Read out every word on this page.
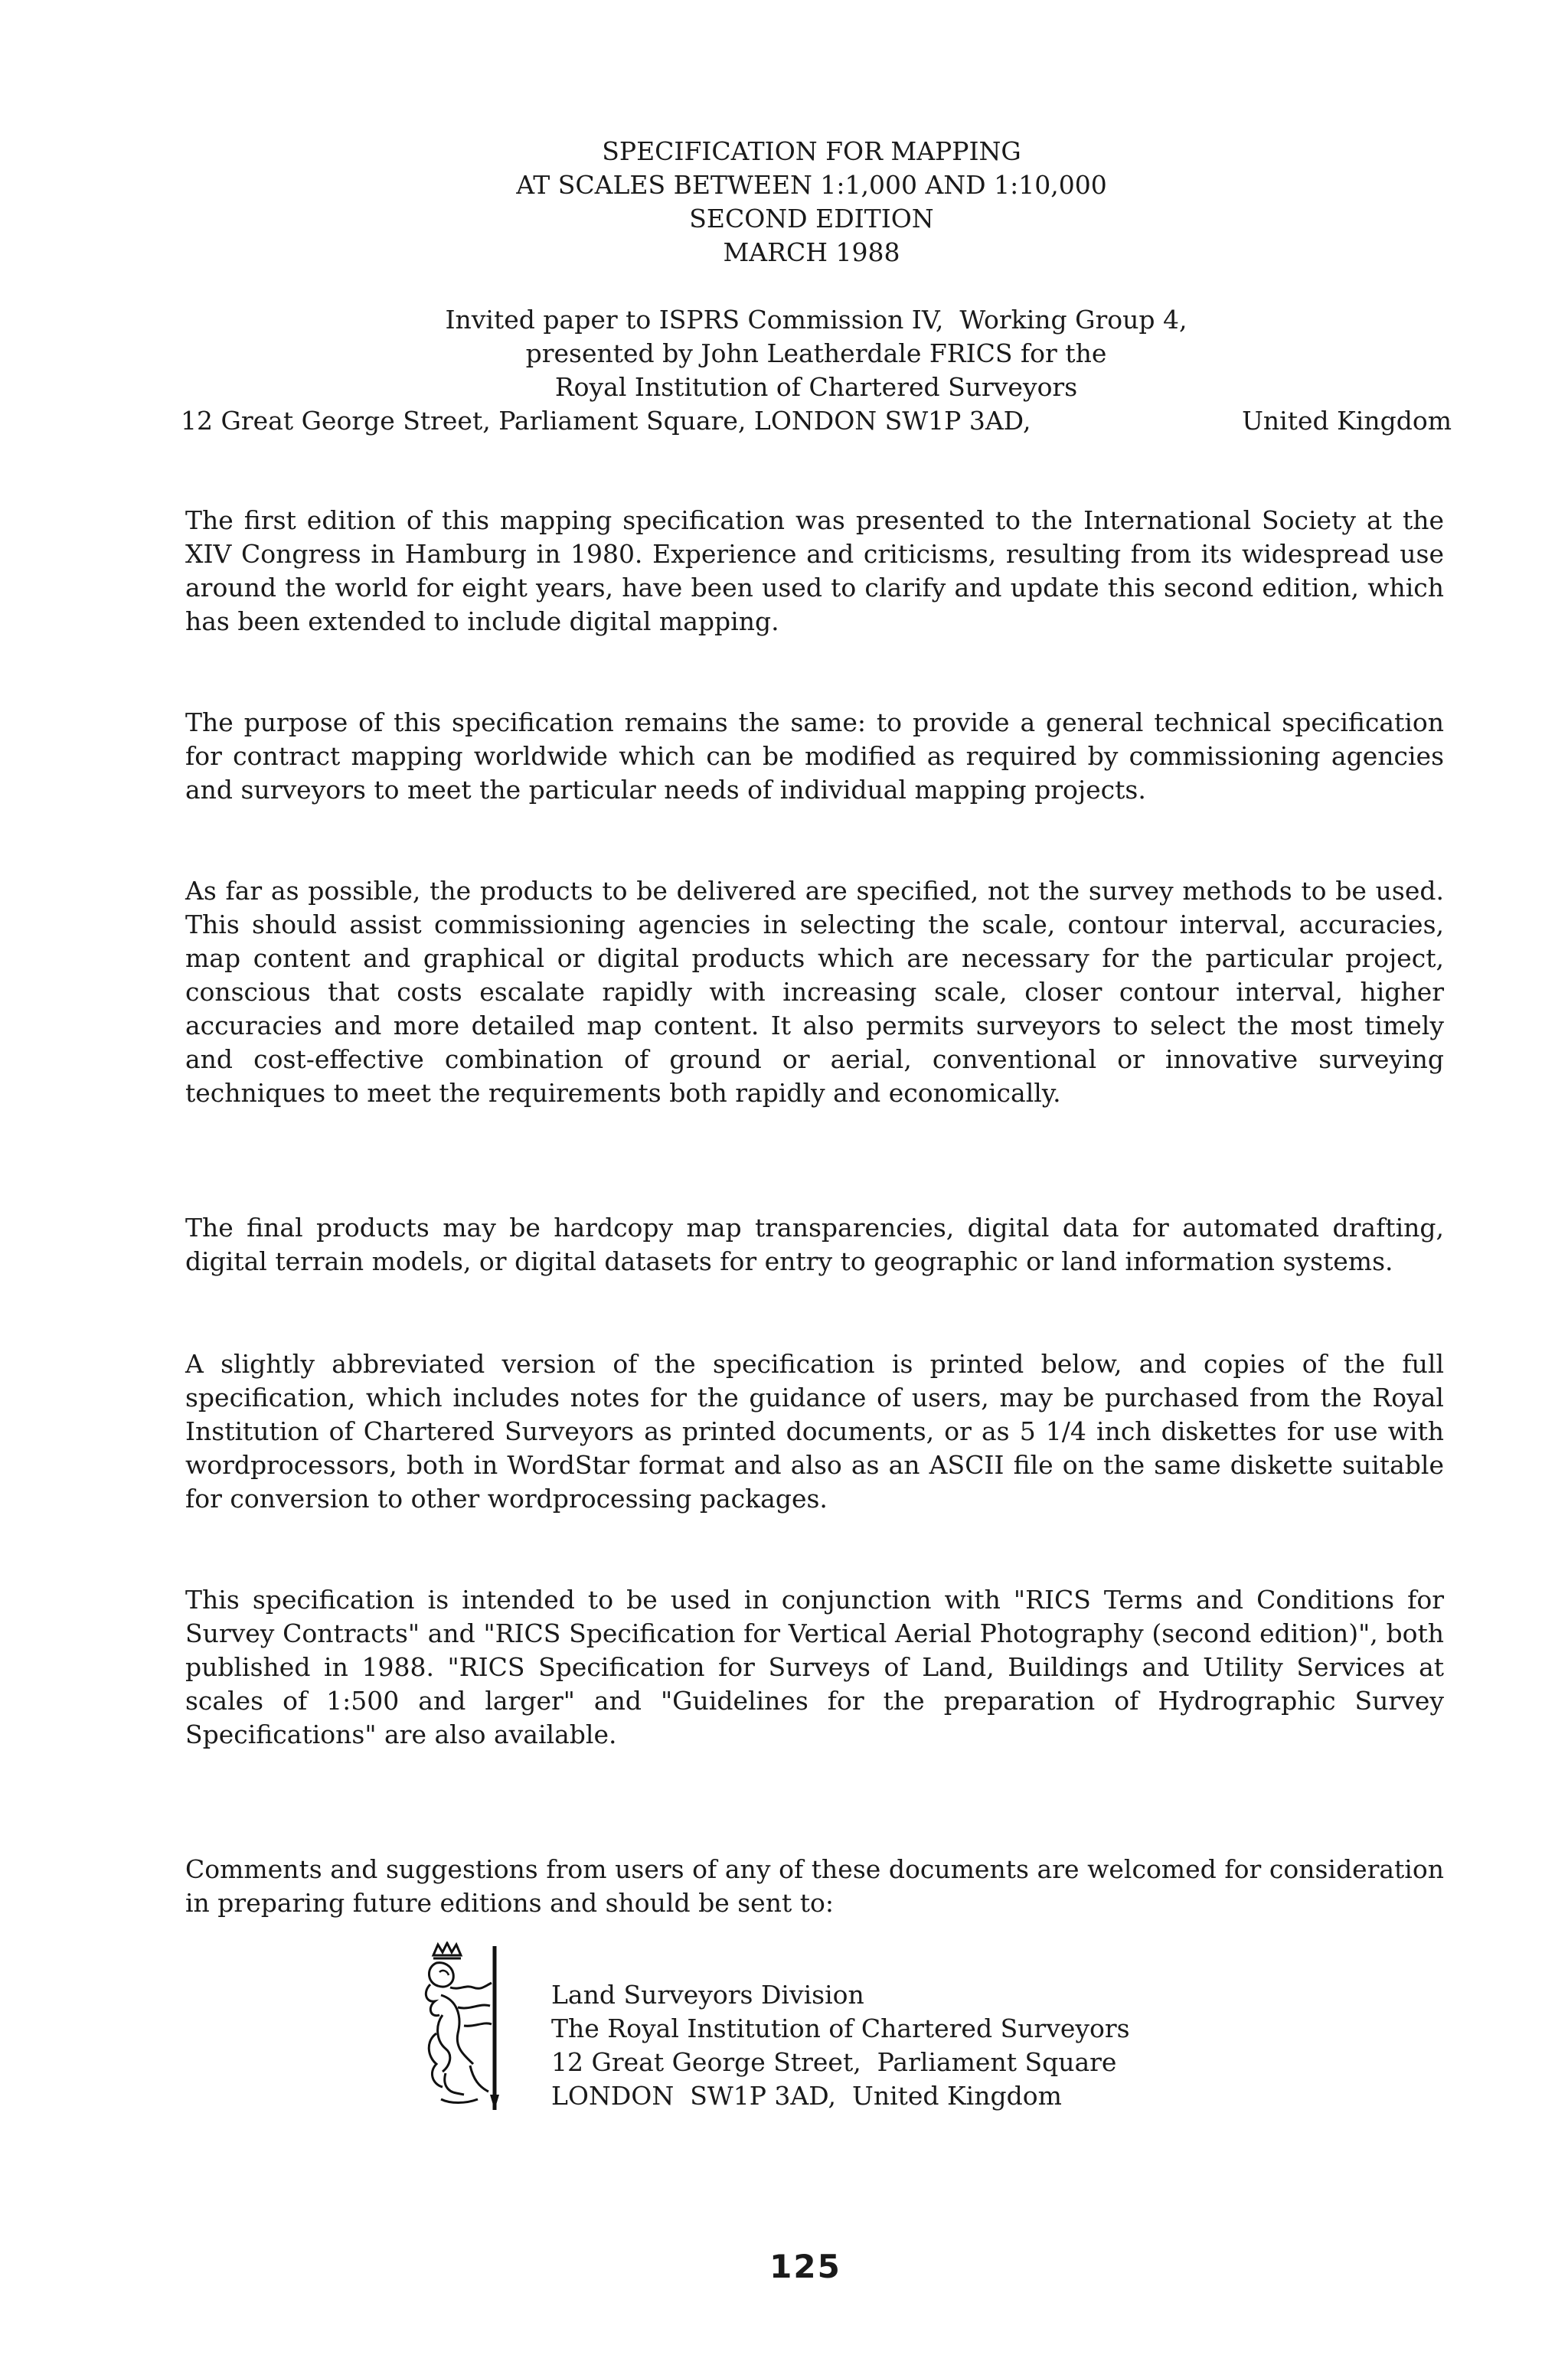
SPECIFICATION FOR MAPPING
AT SCALES BETWEEN 1:1,000 AND 1:10,000
SECOND EDITION
MARCH 1988
Invited paper to ISPRS Commission IV,  Working Group 4,
presented by John Leatherdale FRICS for the
Royal Institution of Chartered Surveyors
12 Great George Street, Parliament Square, LONDON SW1P 3AD,	United Kingdom

The first edition of this mapping specification was presented to the International Society at the XIV Congress in Hamburg in 1980. Experience and criticisms, resulting from its widespread use around the world for eight years, have been used to clarify and update this second edition, which has been extended to include digital mapping.

The purpose of this specification remains the same: to provide a general technical specification for contract mapping worldwide which can be modified as required by commissioning agencies and surveyors to meet the particular needs of individual mapping projects.

As far as possible, the products to be delivered are specified, not the survey methods to be used. This should assist commissioning agencies in selecting the scale, contour interval, accuracies, map content and graphical or digital products which are necessary for the particular project, conscious that costs escalate rapidly with increasing scale, closer contour interval, higher accuracies and more detailed map content. It also permits surveyors to select the most timely and cost-effective combination of ground or aerial, conventional or innovative surveying techniques to meet the requirements both rapidly and economically.

The final products may be hardcopy map transparencies, digital data for automated drafting, digital terrain models, or digital datasets for entry to geographic or land information systems.

A slightly abbreviated version of the specification is printed below, and copies of the full specification, which includes notes for the guidance of users, may be purchased from the Royal Institution of Chartered Surveyors as printed documents, or as 5 1/4 inch diskettes for use with wordprocessors, both in WordStar format and also as an ASCII file on the same diskette suitable for conversion to other wordprocessing packages.

This specification is intended to be used in conjunction with "RICS Terms and Conditions for Survey Contracts" and "RICS Specification for Vertical Aerial Photography (second edition)", both published in 1988. "RICS Specification for Surveys of Land, Buildings and Utility Services at scales of 1:500 and larger" and "Guidelines for the preparation of Hydrographic Survey Specifications" are also available.

Comments and suggestions from users of any of these documents are welcomed for consideration in preparing future editions and should be sent to:

Land Surveyors Division
The Royal Institution of Chartered Surveyors
12 Great George Street,  Parliament Square
LONDON  SW1P 3AD,  United Kingdom
125
